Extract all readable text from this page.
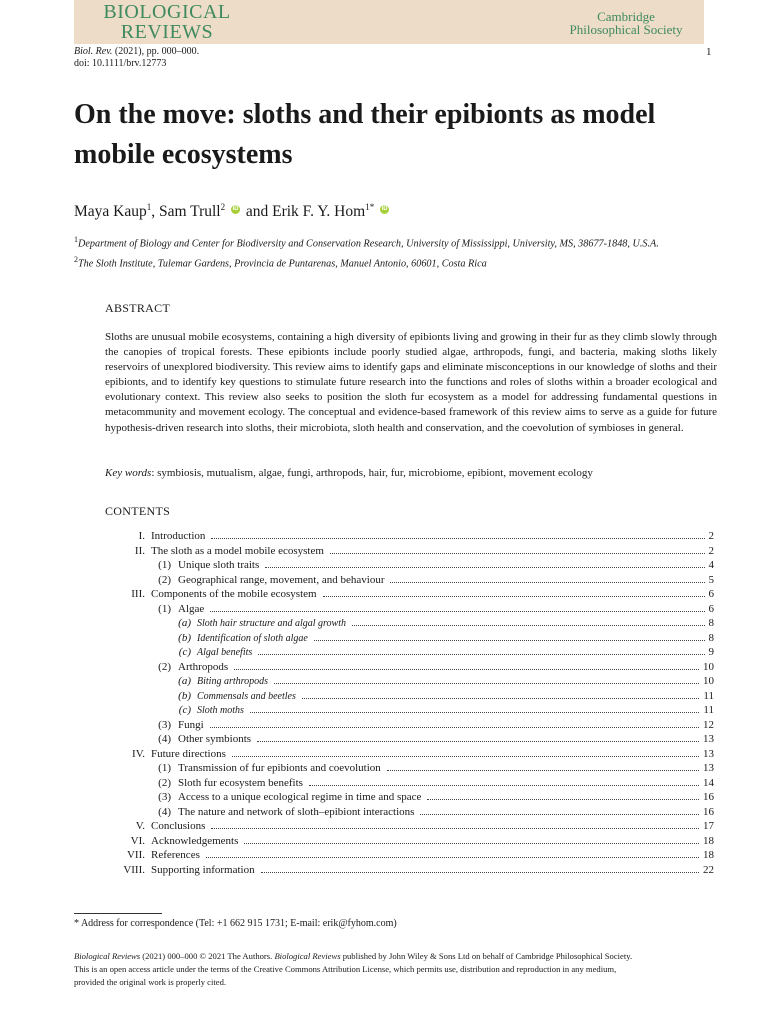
BIOLOGICAL
REVIEWS
Cambridge
Philosophical Society
Biol. Rev. (2021), pp. 000–000.
doi: 10.1111/brv.12773
1
On the move: sloths and their epibionts as model mobile ecosystems
Maya Kaup$^1$, Sam Trull$^2$ iD and Erik F. Y. Hom$^{1*}$ iD
$^1$Department of Biology and Center for Biodiversity and Conservation Research, University of Mississippi, University, MS, 38677-1848, U.S.A.
$^2$The Sloth Institute, Tulemar Gardens, Provincia de Puntarenas, Manuel Antonio, 60601, Costa Rica
ABSTRACT

Sloths are unusual mobile ecosystems, containing a high diversity of epibionts living and growing in their fur as they climb slowly through the canopies of tropical forests. These epibionts include poorly studied algae, arthropods, fungi, and bacteria, making sloths likely reservoirs of unexplored biodiversity. This review aims to identify gaps and eliminate misconceptions in our knowledge of sloths and their epibionts, and to identify key questions to stimulate future research into the functions and roles of sloths within a broader ecological and evolutionary context. This review also seeks to position the sloth fur ecosystem as a model for addressing fundamental questions in metacommunity and movement ecology. The conceptual and evidence-based framework of this review aims to serve as a guide for future hypothesis-driven research into sloths, their microbiota, sloth health and conservation, and the coevolution of symbioses in general.

Key words: symbiosis, mutualism, algae, fungi, arthropods, hair, fur, microbiome, epibiont, movement ecology
CONTENTS
I. Introduction	2
II. The sloth as a model mobile ecosystem	2
(1) Unique sloth traits	4
(2) Geographical range, movement, and behaviour	5
III. Components of the mobile ecosystem	6
(1) Algae	6
(a) Sloth hair structure and algal growth	8
(b) Identification of sloth algae	8
(c) Algal benefits	9
(2) Arthropods	10
(a) Biting arthropods	10
(b) Commensals and beetles	11
(c) Sloth moths	11
(3) Fungi	12
(4) Other symbionts	13
IV. Future directions	13
(1) Transmission of fur epibionts and coevolution	13
(2) Sloth fur ecosystem benefits	14
(3) Access to a unique ecological regime in time and space	16
(4) The nature and network of sloth–epibiont interactions	16
V. Conclusions	17
VI. Acknowledgements	18
VII. References	18
VIII. Supporting information	22
* Address for correspondence (Tel: +1 662 915 1731; E-mail: erik@fyhom.com)

Biological Reviews (2021) 000–000 © 2021 The Authors. Biological Reviews published by John Wiley & Sons Ltd on behalf of Cambridge Philosophical Society.
This is an open access article under the terms of the Creative Commons Attribution License, which permits use, distribution and reproduction in any medium,
provided the original work is properly cited.
